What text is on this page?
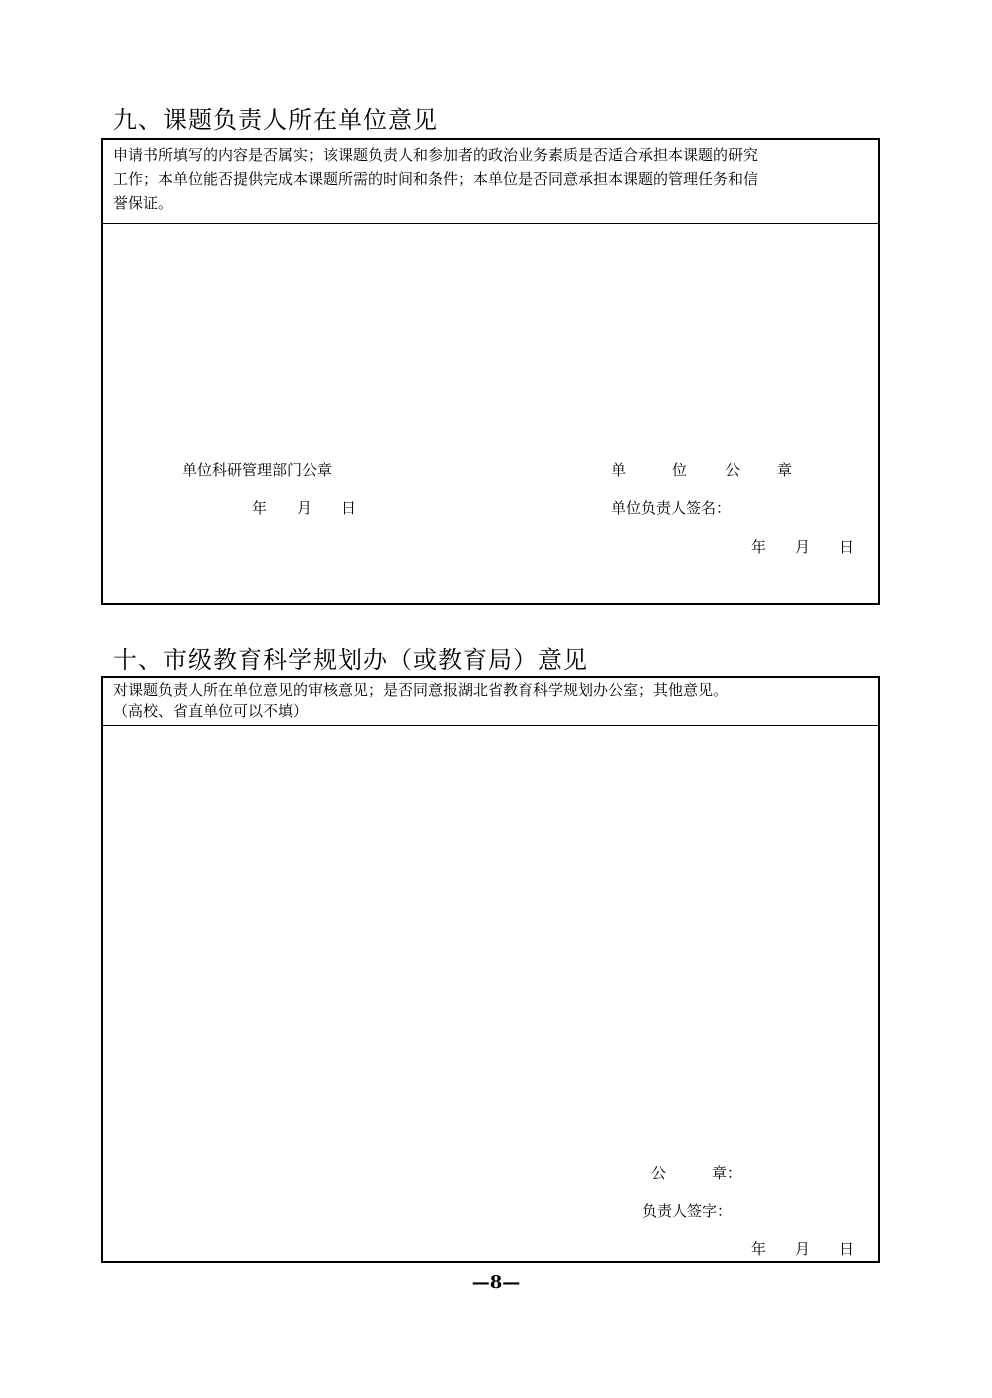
九、课题负责人所在单位意见
申请书所填写的内容是否属实；该课题负责人和参加者的政治业务素质是否适合承担本课题的研究
工作；本单位能否提供完成本课题所需的时间和条件；本单位是否同意承担本课题的管理任务和信
誉保证。
单位科研管理部门公章	单	位	公 章
年 月 日	单位负责人签名：
年 月 日
十、市级教育科学规划办（或教育局）意见
对课题负责人所在单位意见的审核意见；是否同意报湖北省教育科学规划办公室；其他意见。
（高校、省直单位可以不填）
公	章：
负责人签字：
年 月 日
—8—
